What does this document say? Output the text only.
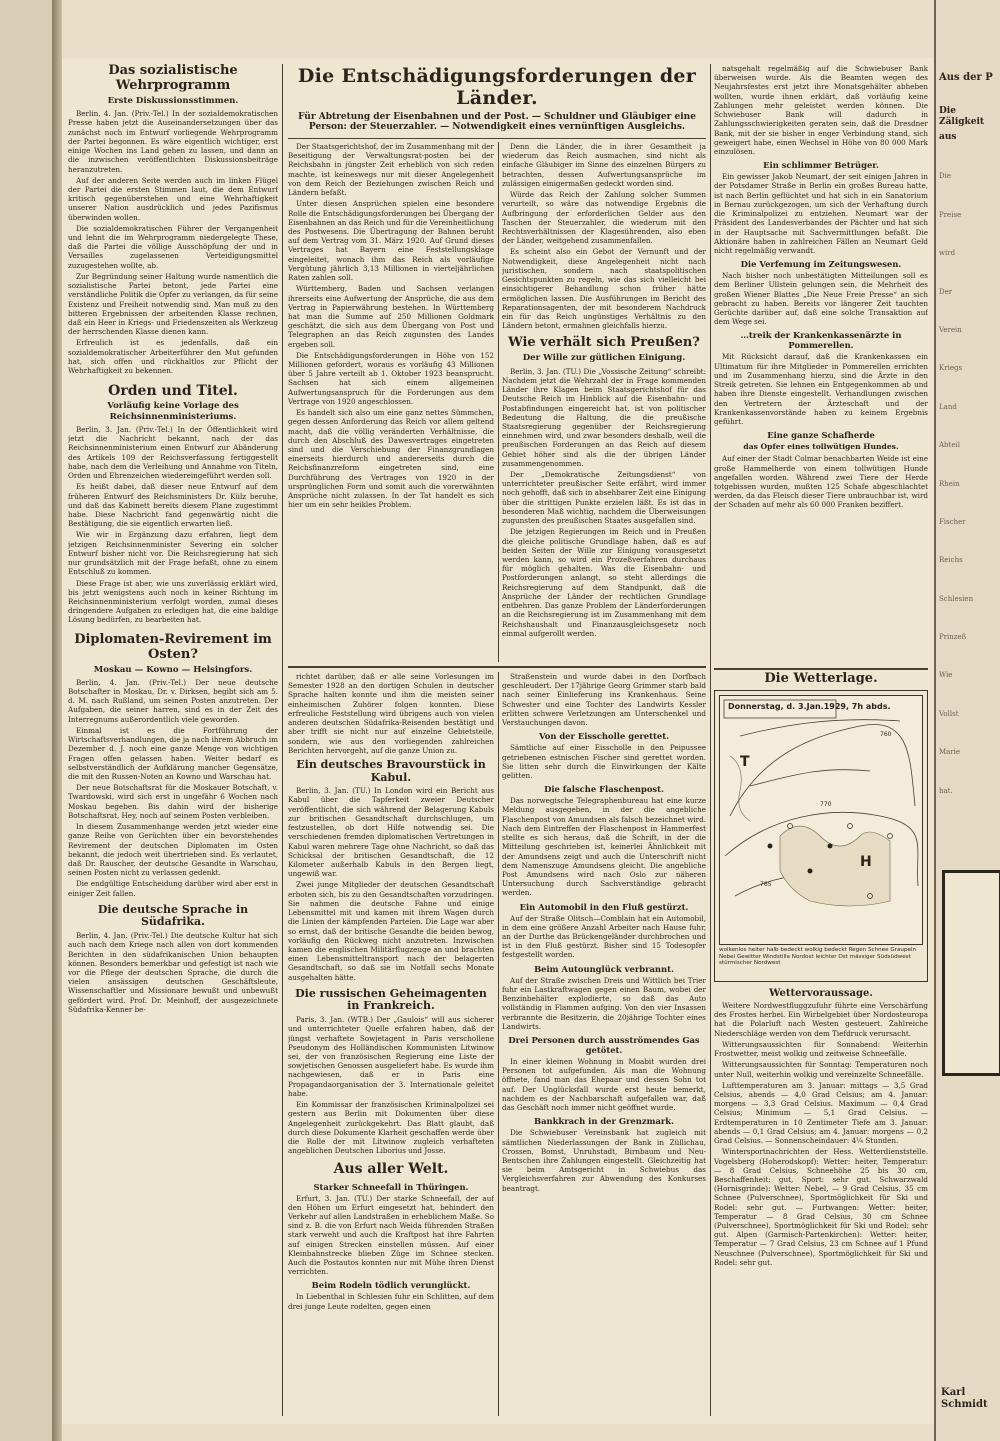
Das sozialistische Wehrprogramm
Erste Diskussionsstimmen.

Berlin, 4. Jan. (Priv.-Tel.) In der sozialdemokratischen Presse haben jetzt die Auseinandersetzungen über das zunächst noch im Entwurf vorliegende Wehrprogramm der Partei begonnen. Es wäre eigentlich wichtiger, erst einige Wochen ins Land gehen zu lassen, und dann an die inzwischen veröffentlichten Diskussionsbeiträge heranzutreten.

Auf der anderen Seite werden auch im linken Flügel der Partei die ersten Stimmen laut, die dem Entwurf kritisch gegenüberstehen und eine Wehrhaftigkeit unserer Nation ausdrücklich und jedes Pazifismus überwinden wollen.

Die sozialdemokratischen Führer der Vergangenheit und lehnt die im Wehrprogramm niedergelegte These, daß die Partei die völlige Ausschöpfung der und in Versailles zugelassenen Verteidigungsmittel zuzugestehen wollte, ab.

Zur Begründung seiner Haltung wurde namentlich die sozialistische Partei betont, jede Partei eine verständliche Politik die Opfer zu verlangen, da für seine Existenz und Freiheit notwendig sind. Man muß zu den bitteren Ergebnissen der arbeitenden Klasse rechnen, daß ein Heer in Kriegs- und Friedenszeiten als Werkzeug der herrschenden Klasse dienen kann.

Erfreulich ist es jedenfalls, daß ein sozialdemokratischer Arbeiterführer den Mut gefunden hat, sich offen und rückhaltlos zur Pflicht der Wehrhaftigkeit zu bekennen.

Orden und Titel.
Vorläufig keine Vorlage des Reichsinnenministeriums.

Berlin, 3. Jan. (Priv.-Tel.) In der Öffentlichkeit wird jetzt die Nachricht bekannt, nach der das Reichsinnenministerium einen Entwurf zur Abänderung des Artikels 109 der Reichsverfassung fertiggestellt habe, nach dem die Verleihung und Annahme von Titeln, Orden und Ehrenzeichen wiedereingeführt werden soll.

Es heißt dabei, daß dieser neue Entwurf auf dem früheren Entwurf des Reichsministers Dr. Külz beruhe, und daß das Kabinett bereits diesem Plane zugestimmt habe. Diese Nachricht fand gegenwärtig nicht die Bestätigung, die sie eigentlich erwarten ließ.

Wie wir in Ergänzung dazu erfahren, liegt dem jetzigen Reichsinnenminister Severing ein solcher Entwurf bisher nicht vor. Die Reichsregierung hat sich nur grundsätzlich mit der Frage befaßt, ohne zu einem Entschluß zu kommen.

Diese Frage ist aber, wie uns zuverlässig erklärt wird, bis jetzt wenigstens auch noch in keiner Richtung im Reichsinnenministerium verfolgt worden, zumal dieses dringendere Aufgaben zu erledigen hat, die eine baldige Lösung bedürfen, zu bearbeiten hat.

Diplomaten-Revirement im Osten?
Moskau — Kowno — Helsingfors.

Berlin, 4. Jan. (Priv.-Tel.) Der neue deutsche Botschafter in Moskau, Dr. v. Dirksen, begibt sich am 5. d. M. nach Rußland, um seinen Posten anzutreten. Der Aufgaben, die seiner harren, sind es in der Zeit des Interregnums außerordentlich viele geworden.

Einmal ist es die Fortführung der Wirtschaftsverhandlungen, die ja nach ihrem Abbruch im Dezember d. J. noch eine ganze Menge von wichtigen Fragen offen gelassen haben. Weiter bedarf es selbstverständlich der Aufklärung mancher Gegensätze, die mit den Russen-Noten an Kowno und Warschau hat.

Der neue Botschaftsrat für die Moskauer Botschaft, v. Twardowski, wird sich erst in ungefähr 6 Wochen nach Moskau begeben. Bis dahin wird der bisherige Botschaftsrat, Hey, noch auf seinem Posten verbleiben.

In diesem Zusammenhange werden jetzt wieder eine ganze Reihe von Gerüchten über ein bevorstehendes Revirement der deutschen Diplomaten im Osten bekannt, die jedoch weit übertrieben sind. Es verlautet, daß Dr. Rauscher, der deutsche Gesandte in Warschau, seinen Posten nicht zu verlassen gedenkt.

Die endgültige Entscheidung darüber wird aber erst in einiger Zeit fallen.

Die deutsche Sprache in Südafrika.

Berlin, 4. Jan. (Priv.-Tel.) Die deutsche Kultur hat sich auch nach dem Kriege nach allen von dort kommenden Berichten in den südafrikanischen Union behaupten können. Besonders bemerkbar und gefestigt ist nach wie vor die Pflege der deutschen Sprache, die durch die vielen ansässigen deutschen Geschäftsleute, Wissenschaftler und Missionare bewußt und unbewußt gefördert wird. Prof. Dr. Meinhoff, der ausgezeichnete Südafrika-Kenner be-

Die Entschädigungsforderungen der Länder.
Für Abtretung der Eisenbahnen und der Post. — Schuldner und Gläubiger eine Person: der Steuerzahler. — Notwendigkeit eines vernünftigen Ausgleichs.

Der Staatsgerichtshof, der im Zusammenhang mit der Beseitigung der Verwaltungsrat-posten bei der Reichsbahn in jüngster Zeit erheblich von sich reden machte, ist keineswegs nur mit dieser Angelegenheit von dem Reich der Beziehungen zwischen Reich und Ländern befaßt.

Unter diesen Ansprüchen spielen eine besondere Rolle die Entschädigungsforderungen bei Übergang der Eisenbahnen an das Reich und für die Vereinheitlichung des Postwesens. Die Übertragung der Bahnen beruht auf dem Vertrag vom 31. März 1920. Auf Grund dieses Vertrages hat Bayern eine Feststellungsklage eingeleitet, wonach ihm das Reich als vorläufige Vergütung jährlich 3,13 Millionen in vierteljährlichen Raten zahlen soll.

Württemberg, Baden und Sachsen verlangen ihrerseits eine Aufwertung der Ansprüche, die aus dem Vertrag in Papierwährung bestehen. In Württemberg hat man die Summe auf 250 Millionen Goldmark geschätzt, die sich aus dem Übergang von Post und Telegraphen an das Reich zugunsten des Landes ergeben soll.

Die Entschädigungsforderungen in Höhe von 152 Millionen gefordert, woraus es vorläufig 43 Millionen über 5 Jahre verteilt ab 1. Oktober 1923 beansprucht. Sachsen hat sich einem allgemeinen Aufwertungsanspruch für die Forderungen aus dem Vertrage von 1920 angeschlossen.

Es handelt sich also um eine ganz nettes Sümmchen, gegen dessen Anforderung das Reich vor allem geltend macht, daß die völlig veränderten Verhältnisse, die durch den Abschluß des Dawesvertrages eingetreten sind und die Verschiebung der Finanzgrundlagen einerseits hierdurch und andererseits durch die Reichsfinanzreform eingetreten sind, eine Durchführung des Vertrages von 1920 in der ursprünglichen Form und somit auch die vorerwähnten Ansprüche nicht zulassen. In der Tat handelt es sich hier um ein sehr heikles Problem.

Denn die Länder, die in ihrer Gesamtheit ja wiederum das Reich ausmachen, sind nicht als einfache Gläubiger im Sinne des einzelnen Bürgers zu betrachten, dessen Aufwertungsansprüche im zulässigen einigermaßen gedeckt worden sind.

Würde das Reich der Zahlung solcher Summen verurteilt, so wäre das notwendige Ergebnis die Aufbringung der erforderlichen Gelder aus den Taschen der Steuerzahler, die wiederum mit den Rechtsverhältnissen der Klagesührenden, also eben der Länder, weitgehend zusammenfallen.

Es scheint also ein Gebot der Vernunft und der Notwendigkeit, diese Angelegenheit nicht nach juristischen, sondern nach staatspolitischen Gesichtspunkten zu regeln, wie das sich vielleicht bei einsichtigerer Behandlung schon früher hätte ermöglichen lassen. Die Ausführungen im Bericht des Reparationsagenten, der mit besonderem Nachdruck ein für das Reich ungünstiges Verhältnis zu den Ländern betont, ermahnen gleichfalls hierzu.

Wie verhält sich Preußen?
Der Wille zur gütlichen Einigung.

Berlin, 3. Jan. (TU.) Die „Vossische Zeitung“ schreibt: Nachdem jetzt die Wehrzahl der in Frage kommenden Länder ihre Klagen beim Staatsgerichtshof für das Deutsche Reich im Hinblick auf die Eisenbahn- und Postabfindungen eingereicht hat, ist von politischer Bedeutung die Haltung, die die preußische Staatsregierung gegenüber der Reichsregierung einnehmen wird, und zwar besonders deshalb, weil die preußischen Forderungen an das Reich auf diesem Gebiet höher sind als die der übrigen Länder zusammengenommen.

Der „Demokratische Zeitungsdienst“ von unterrichteter preußischer Seite erfährt, wird immer noch gehofft, daß sich in absehbarer Zeit eine Einigung über die strittigen Punkte erzielen läßt. Es ist das in besonderen Maß wichtig, nachdem die Überweisungen zugunsten des preußischen Staates ausgefallen sind.

Die jetzigen Regierungen im Reich und in Preußen die gleiche politische Grundlage haben, daß es auf beiden Seiten der Wille zur Einigung vorausgesetzt werden kann, so wird ein Prozeßverfahren durchaus für möglich gehalten. Was die Eisenbahn- und Postforderungen anlangt, so steht allerdings die Reichsregierung auf dem Standpunkt, daß die Ansprüche der Länder der rechtlichen Grundlage entbehren. Das ganze Problem der Länderforderungen an die Reichsregierung ist im Zusammenhang mit dem Reichshaushalt und Finanzausgleichsgesetz noch einmal aufgerollt werden.

richtet darüber, daß er alle seine Vorlesungen im Semester 1928 an den dortigen Schulen in deutscher Sprache halten konnte und ihm die meisten seiner einheimischen Zuhörer folgen konnten. Diese erfreuliche Feststellung wird übrigens auch von vielen anderen deutschen Südafrika-Reisenden bestätigt und aber trifft sie nicht nur auf einzelne Gebietsteile, sondern, wie aus den vorliegenden zahlreichen Berichten hervorgeht, auf die ganze Union zu.

Ein deutsches Bravourstück in Kabul.

Berlin, 3. Jan. (TU.) In London wird ein Bericht aus Kabul über die Tapferkeit zweier Deutscher veröffentlicht, die sich während der Belagerung Kabuls zur britischen Gesandtschaft durchschlugen, um festzustellen, ob dort Hilfe notwendig sei. Die verschiedenen fremden diplomatischen Vertretungen in Kabul waren mehrere Tage ohne Nachricht, so daß das Schicksal der britischen Gesandtschaft, die 12 Kilometer außerhalb Kabuls in den Bergen liegt, ungewiß war.

Zwei junge Mitglieder der deutschen Gesandtschaft erboten sich, bis zu den Gesandtschaften vorzudringen. Sie nahmen die deutsche Fahne und einige Lebensmittel mit und kamen mit ihrem Wagen durch die Linien der kämpfenden Parteien. Die Lage war aber so ernst, daß der britische Gesandte die beiden bewog, vorläufig den Rückweg nicht anzutreten. Inzwischen kamen die englischen Militärflugzeuge an und brachten einen Lebensmitteltransport nach der belagerten Gesandtschaft, so daß sie im Notfall sechs Monate ausgehalten hätte.

Die russischen Geheimagenten in Frankreich.

Paris, 3. Jan. (WTB.) Der „Gaulois“ will aus sicherer und unterrichteter Quelle erfahren haben, daß der jüngst verhaftete Sowjetagent in Paris verschollene Pseudonym des Holländischen Kommunisten Litwinow sei, der von französischen Regierung eine Liste der sowjetischen Genossen ausgeliefert habe. Es wurde ihm nachgewiesen, daß er in Paris eine Propagandaorganisation der 3. Internationale geleitet habe.

Ein Kommissar der französischen Kriminalpolizei sei gestern aus Berlin mit Dokumenten über diese Angelegenheit zurückgekehrt. Das Blatt glaubt, daß durch diese Dokumente Klarheit geschaffen werde über die Rolle der mit Litwinow zugleich verhafteten angeblichen Deutschen Liborius und Josse.

Aus aller Welt.
Starker Schneefall in Thüringen.

Erfurt, 3. Jan. (TU.) Der starke Schneefall, der auf den Höhen um Erfurt eingesetzt hat, behindert den Verkehr auf allen Landstraßen in erheblichem Maße. So sind z. B. die von Erfurt nach Weida führenden Straßen stark verweht und auch die Kraftpost hat ihre Fahrten auf einigen Strecken einstellen müssen. Auf einer Kleinbahnstrecke blieben Züge im Schnee stecken. Auch die Postautos konnten nur mit Mühe ihren Dienst verrichten.

Beim Rodeln tödlich verunglückt.

In Liebenthal in Schlesien fuhr ein Schlitten, auf dem drei junge Leute rodelten, gegen einen

Straßenstein und wurde dabei in den Dorfbach geschleudert. Der 17jährige Georg Grimmer starb bald nach seiner Einlieferung ins Krankenhaus. Seine Schwester und eine Tochter des Landwirts Kessler erlitten schwere Verletzungen am Unterschenkel und Verstauchungen davon.

Von der Eisscholle gerettet.

Sämtliche auf einer Eisscholle in den Peipussee getriebenen estnischen Fischer sind gerettet worden. Sie litten sehr durch die Einwirkungen der Kälte gelitten.

Die falsche Flaschenpost.

Das norwegische Telegraphenbureau hat eine kurze Meldung ausgegeben, in der die angebliche Flaschenpost von Amundsen als falsch bezeichnet wird. Nach dem Eintreffen der Flaschenpost in Hammerfest stellte es sich heraus, daß die Schrift, in der die Mitteilung geschrieben ist, keinerlei Ähnlichkeit mit der Amundsens zeigt und auch die Unterschrift nicht dem Namenszuge Amundsens gleicht. Die angebliche Post Amundsens wird nach Oslo zur näheren Untersuchung durch Sachverständige gebracht werden.

Ein Automobil in den Fluß gestürzt.

Auf der Straße Olitsch—Comblain hat ein Automobil, in dem eine größere Anzahl Arbeiter nach Hause fuhr, an der Durthe das Brückengeländer durchbrochen und ist in den Fluß gestürzt. Bisher sind 15 Todesopfer festgestellt worden.

Beim Autounglück verbrannt.

Auf der Straße zwischen Dreis und Wittlich bei Trier fuhr ein Lastkraftwagen gegen einen Baum, wobei der Benzinbehälter explodierte, so daß das Auto vollständig in Flammen aufging. Von den vier Insassen verbrannte die Besitzerin, die 20jährige Tochter eines Landwirts.

Drei Personen durch ausströmendes Gas getötet.

In einer kleinen Wohnung in Moabit wurden drei Personen tot aufgefunden. Als man die Wohnung öffnete, fand man das Ehepaar und dessen Sohn tot auf. Der Unglücksfall wurde erst heute bemerkt, nachdem es der Nachbarschaft aufgefallen war, daß das Geschäft noch immer nicht geöffnet wurde.

Bankkrach in der Grenzmark.

Die Schwiebuser Vereinsbank hat zugleich mit sämtlichen Niederlassungen der Bank in Züllichau, Crossen, Bomst, Unruhstadt, Birnbaum und Neu-Bentschen ihre Zahlungen eingestellt. Gleichzeitig hat sie beim Amtsgericht in Schwiebus das Vergleichsverfahren zur Abwendung des Konkurses beantragt.

natsgehalt regelmäßig auf die Schwiebuser Bank überweisen wurde. Als die Beamten wegen des Neujahrsfestes erst jetzt ihre Monatsgehälter abheben wollten, wurde ihnen erklärt, daß vorläufig keine Zahlungen mehr geleistet werden können. Die Schwiebuser Bank will dadurch in Zahlungsschwierigkeiten geraten sein, daß die Dresdner Bank, mit der sie bisher in enger Verbindung stand, sich geweigert habe, einen Wechsel in Höhe von 80 000 Mark einzulösen.

Ein schlimmer Betrüger.

Ein gewisser Jakob Neumart, der seit einigen Jahren in der Potsdamer Straße in Berlin ein großes Bureau hatte, ist nach Berlin geflüchtet und hat sich in ein Sanatorium in Bernau zurückgezogen, um sich der Verhaftung durch die Kriminalpolizei zu entziehen. Neumart war der Präsident des Landesverbandes der Pächter und hat sich in der Hauptsache mit Sachvermittlungen befaßt. Die Aktionäre haben in zahlreichen Fällen an Neumart Geld nicht regelmäßig verwandt.

Die Verfemung im Zeitungswesen.

Nach bisher noch unbestätigten Mitteilungen soll es dem Berliner Ullstein gelungen sein, die Mehrheit des großen Wiener Blattes „Die Neue Freie Presse“ an sich gebracht zu haben. Bereits vor längerer Zeit tauchten Gerüchte darüber auf, daß eine solche Transaktion auf dem Wege sei.

…treik der Krankenkassenärzte in Pommerellen.

Mit Rücksicht darauf, daß die Krankenkassen ein Ultimatum für ihre Mitglieder in Pommerellen errichten und im Zusammenhang hierzu, sind die Ärzte in den Streik getreten. Sie lehnen ein Entgegenkommen ab und haben ihre Dienste eingestellt. Verhandlungen zwischen den Vertretern der Ärzteschaft und der Krankenkassenvorstände haben zu keinem Ergebnis geführt.

Eine ganze Schafherde
das Opfer eines tollwütigen Hundes.

Auf einer der Stadt Colmar benachbarten Weide ist eine große Hammelherde von einem tollwütigen Hunde angefallen worden. Während zwei Tiere der Herde totgebissen wurden, mußten 125 Schafe abgeschlachtet werden, da das Fleisch dieser Tiere unbrauchbar ist, wird der Schaden auf mehr als 60 000 Franken beziffert.

Die Wetterlage.
T
H
770
765
760
Donnerstag, d. 3.Jan.1929, 7h abds.
wolkenlos heiter halb bedeckt wolkig bedeckt Regen Schnee Graupeln Nebel Gewitter Windstille Nordost leichter Ost mässiger Südsüdwest stürmischer Nordwest
Wettervoraussage.

Weitere Nordwestfluggzufuhr führte eine Verschärfung des Frostes herbei. Ein Wirbelgebiet über Nordosteuropa hat die Polarluft nach Westen gesteuert. Zahlreiche Niederschläge werden von dem Tiefdruck verursacht.

Witterungsaussichten für Sonnabend: Weiterhin Frostwetter, meist wolkig und zeitweise Schneefälle.

Witterungsaussichten für Sonntag: Temperaturen noch unter Null, weiterhin wolkig und vereinzelte Schneefälle.

Lufttemperaturen am 3. Januar: mittags — 3,5 Grad Celsius, abends — 4,0 Grad Celsius; am 4. Januar: morgens — 3,3 Grad Celsius. Maximum — 0,4 Grad Celsius; Minimum — 5,1 Grad Celsius. — Erdtemperaturen in 10 Zentimeter Tiefe am 3. Januar: abends — 0,1 Grad Celsius; am 4. Januar: morgens — 0,2 Grad Celsius. — Sonnenscheindauer: 4¼ Stunden.

Wintersportnachrichten der Hess. Wetterdienststelle. Vogelsberg (Hoherodskopf): Wetter: heiter, Temperatur: — 8 Grad Celsius, Schneehöhe 25 bis 30 cm, Beschaffenheit: gut, Sport: sehr gut. Schwarzwald (Hornisgrinde): Wetter: Nebel, — 9 Grad Celsius, 35 cm Schnee (Pulverschnee), Sportmöglichkeit für Ski und Rodel: sehr gut. — Furtwangen: Wetter: heiter, Temperatur — 8 Grad Celsius, 30 cm Schnee (Pulverschnee), Sportmöglichkeit für Ski und Rodel: sehr gut. Alpen (Garmisch-Partenkirchen): Wetter: heiter, Temperatur — 7 Grad Celsius, 23 cm Schnee auf 1 Pfund Neuschnee (Pulverschnee), Sportmöglichkeit für Ski und Rodel: sehr gut.

Aus der P
Die Zäligkeit
aus
Die
Preise
wird
Der
Verein
Kriegs
Land
Abteil
Rhein
Fischer
Reichs
Schlesien
Prinzeß
Wie
Vollst
Marie
hat.
Karl Schmidt
